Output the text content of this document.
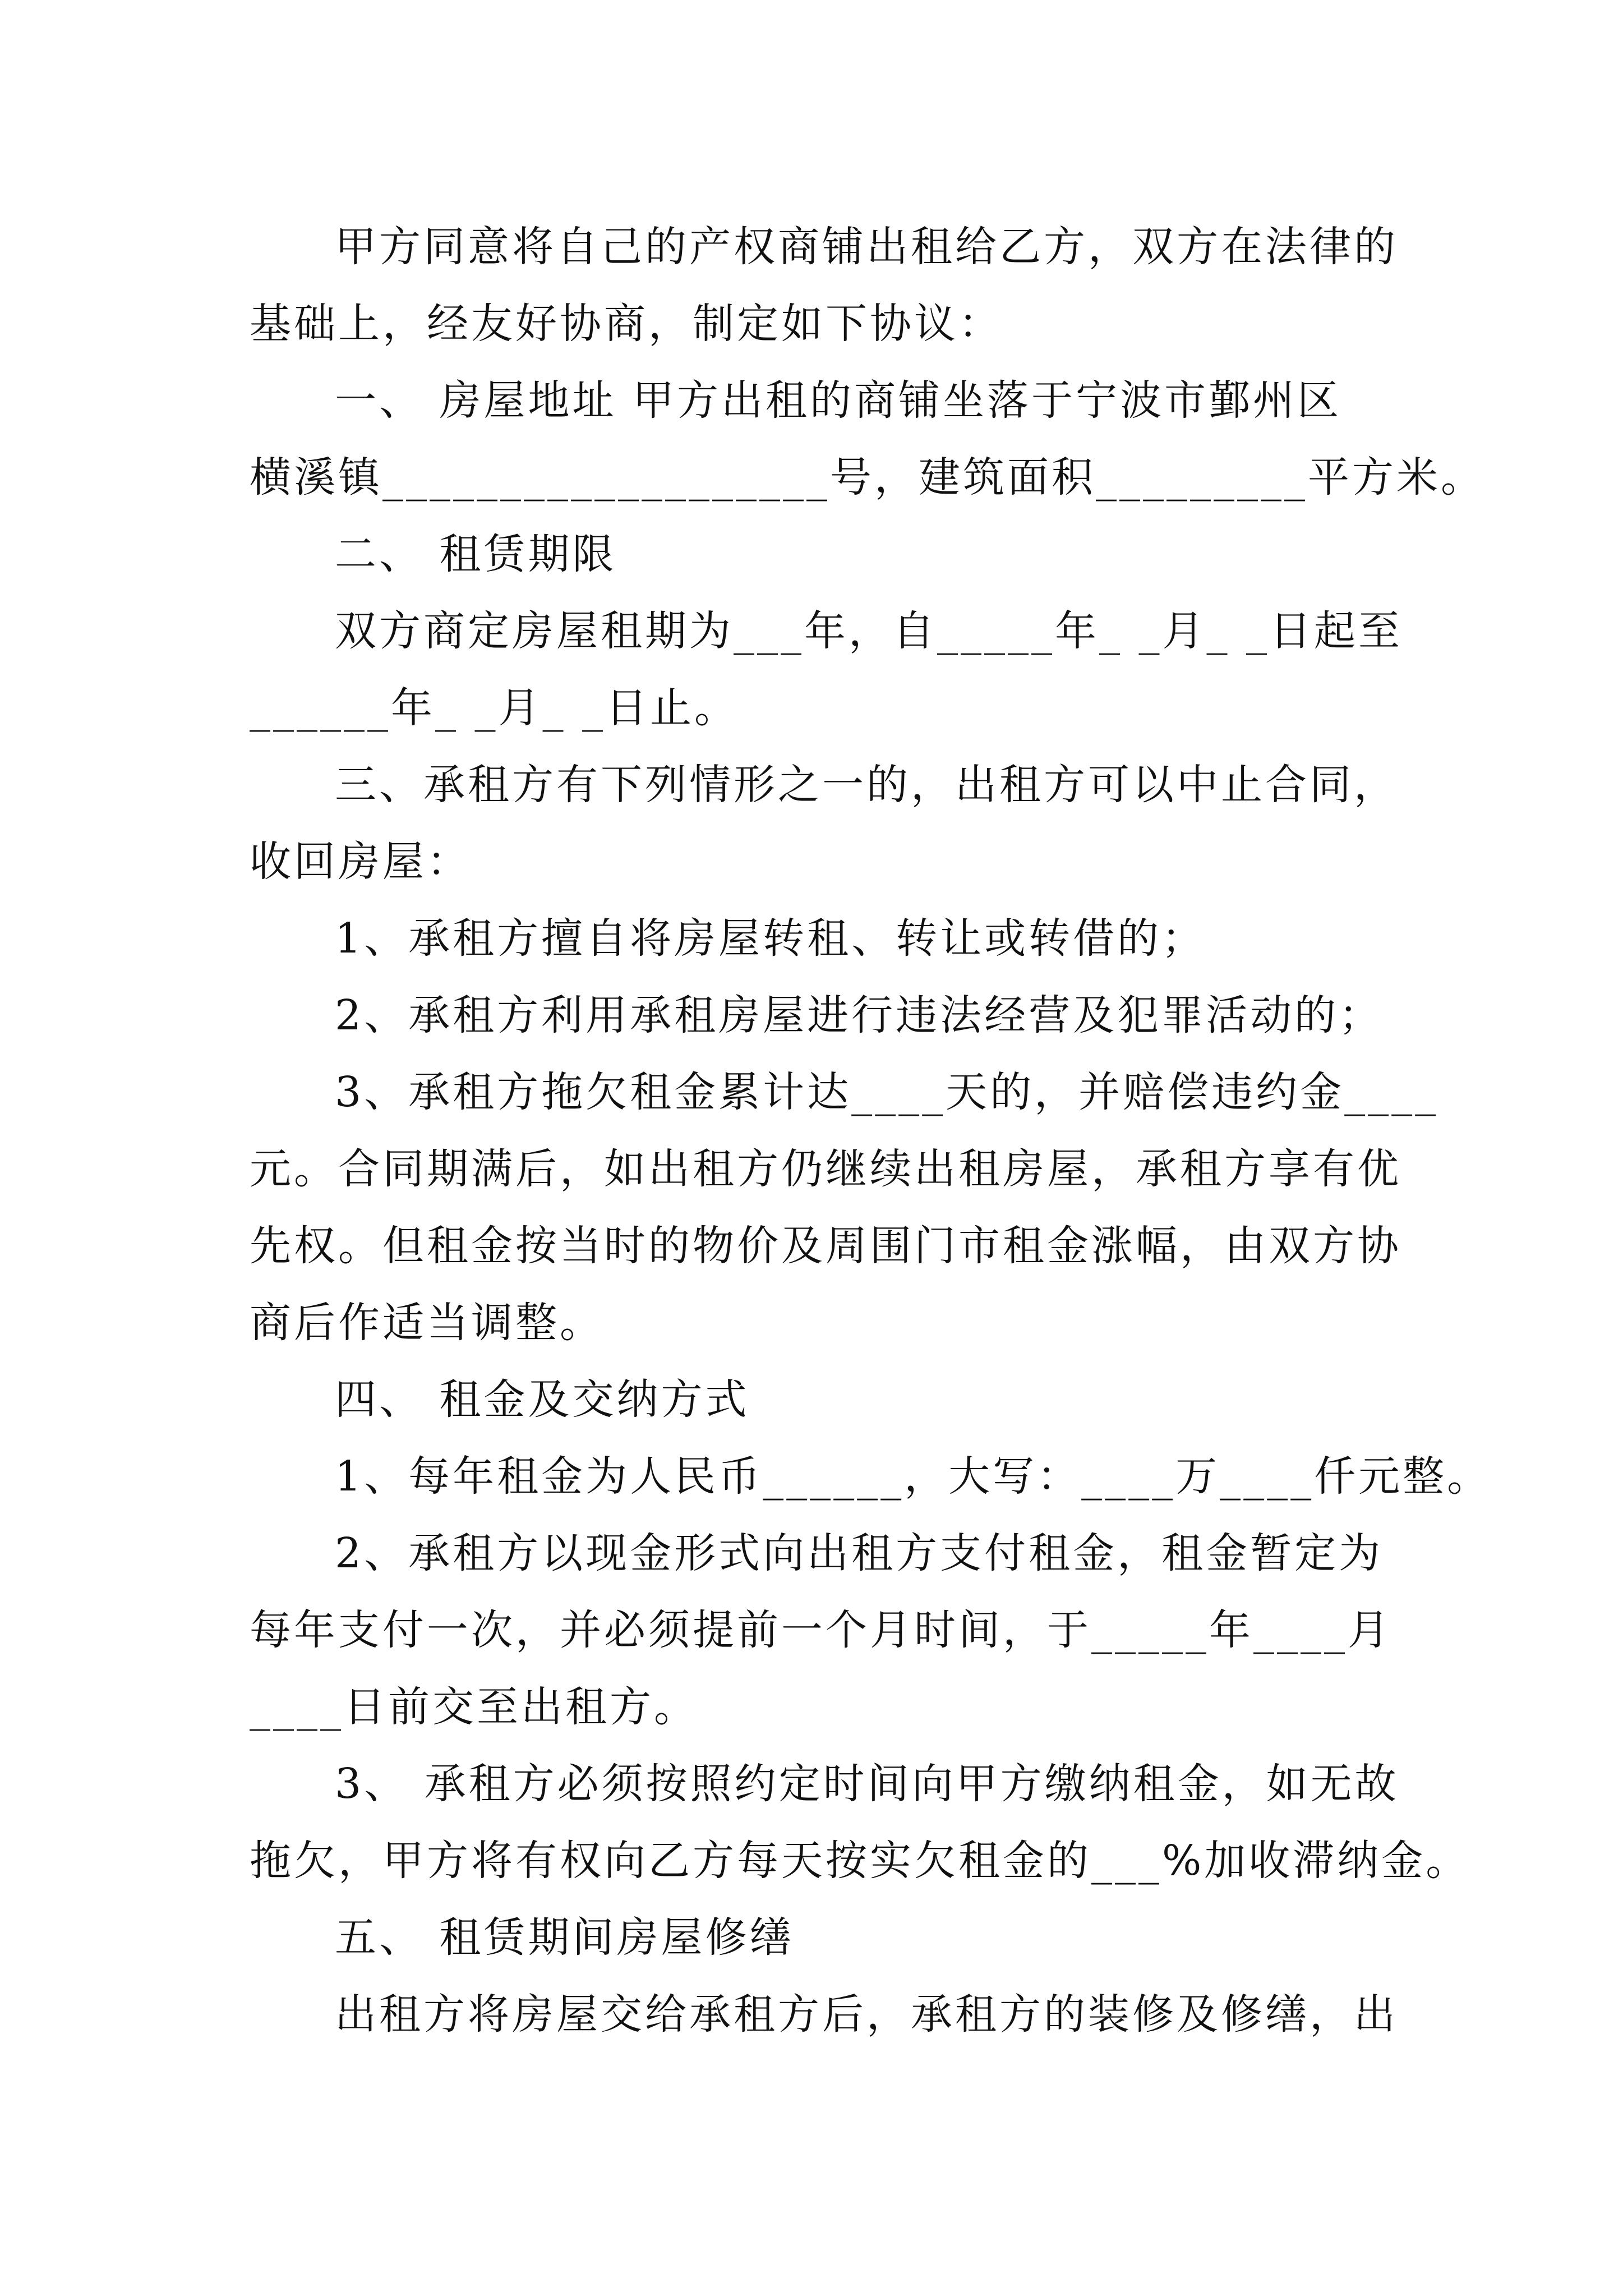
甲方同意将自己的产权商铺出租给乙方，双方在法律的
基础上，经友好协商，制定如下协议：
一、 房屋地址 甲方出租的商铺坐落于宁波市鄞州区
横溪镇___________________号，建筑面积_________平方米。
二、 租赁期限
双方商定房屋租期为___年，自_____年_ _月_ _日起至
______年_ _月_ _日止。
三、承租方有下列情形之一的，出租方可以中止合同，
收回房屋：
1、承租方擅自将房屋转租、转让或转借的；
2、承租方利用承租房屋进行违法经营及犯罪活动的；
3、承租方拖欠租金累计达____天的，并赔偿违约金____
元。合同期满后，如出租方仍继续出租房屋，承租方享有优
先权。但租金按当时的物价及周围门市租金涨幅，由双方协
商后作适当调整。
四、 租金及交纳方式
1、每年租金为人民币______，大写：____万____仟元整。
2、承租方以现金形式向出租方支付租金，租金暂定为
每年支付一次，并必须提前一个月时间，于_____年____月
____日前交至出租方。
3、 承租方必须按照约定时间向甲方缴纳租金，如无故
拖欠，甲方将有权向乙方每天按实欠租金的___%加收滞纳金。
五、 租赁期间房屋修缮
出租方将房屋交给承租方后，承租方的装修及修缮，出
